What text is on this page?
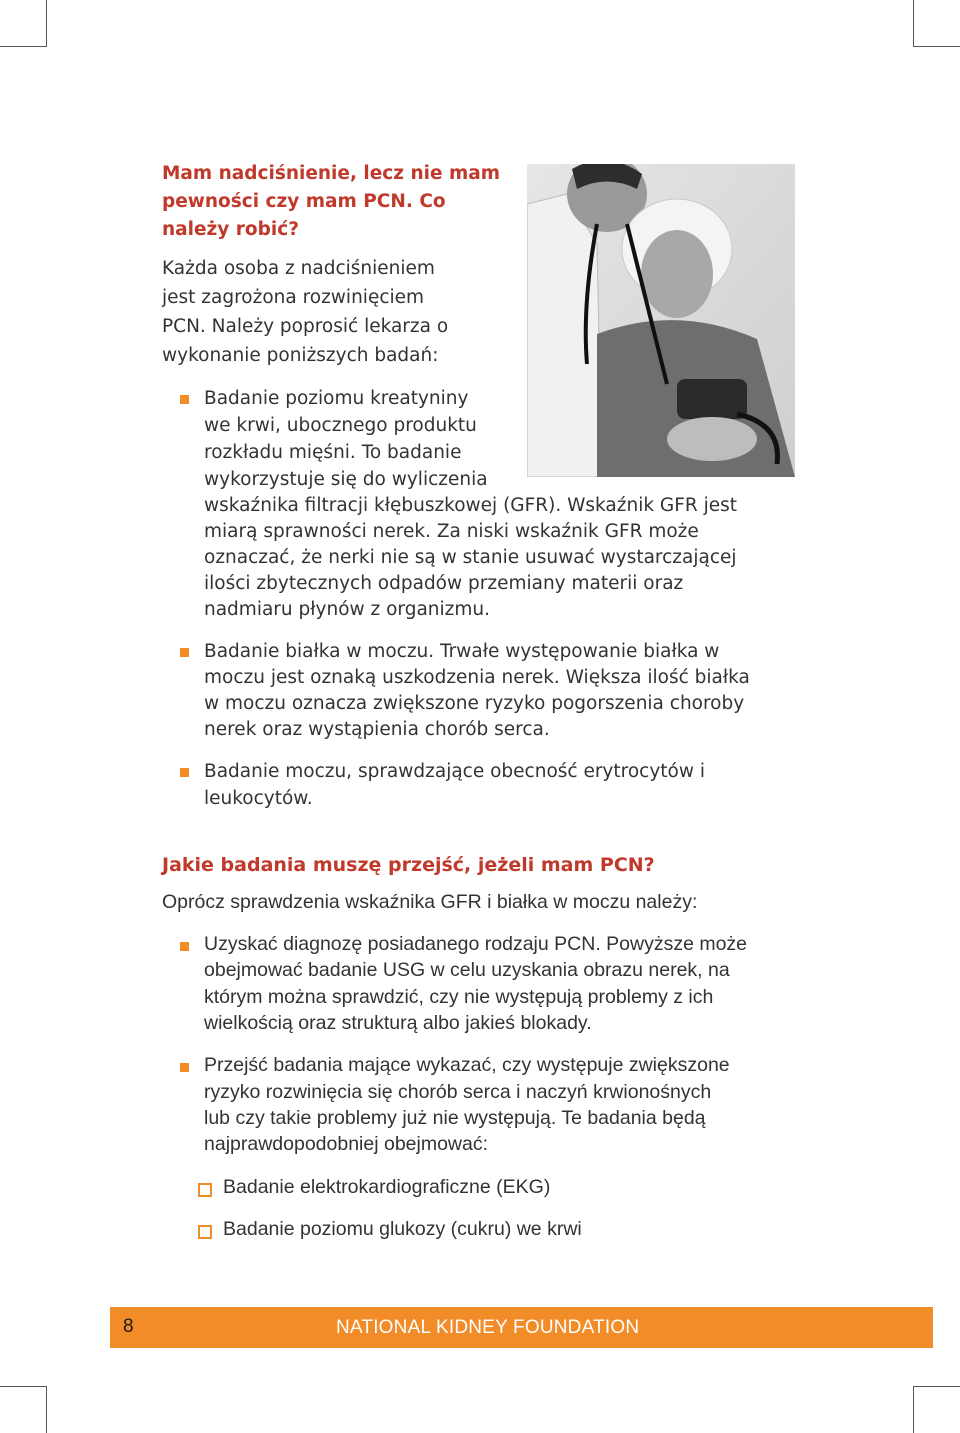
Mam nadciśnienie, lecz nie mam pewności czy mam PCN. Co należy robić?

Każda osoba z nadciśnieniem

jest zagrożona rozwinięciem

PCN. Należy poprosić lekarza o

wykonanie poniższych badań:

Badanie poziomu kreatyniny

we krwi, ubocznego produktu

rozkładu mięśni. To badanie

wykorzystuje się do wyliczenia

wskaźnika filtracji kłębuszkowej (GFR). Wskaźnik GFR jest

miarą sprawności nerek. Za niski wskaźnik GFR może

oznaczać, że nerki nie są w stanie usuwać wystarczającej

ilości zbytecznych odpadów przemiany materii oraz

nadmiaru płynów z organizmu.

Badanie białka w moczu. Trwałe występowanie białka w

moczu jest oznaką uszkodzenia nerek. Większa ilość białka

w moczu oznacza zwiększone ryzyko pogorszenia choroby

nerek oraz wystąpienia chorób serca.

Badanie moczu, sprawdzające obecność erytrocytów i

leukocytów.

Jakie badania muszę przejść, jeżeli mam PCN?

Oprócz sprawdzenia wskaźnika GFR i białka w moczu należy:

Uzyskać diagnozę posiadanego rodzaju PCN. Powyższe może

obejmować badanie USG w celu uzyskania obrazu nerek, na

którym można sprawdzić, czy nie występują problemy z ich

wielkością oraz strukturą albo jakieś blokady.

Przejść badania mające wykazać, czy występuje zwiększone

ryzyko rozwinięcia się chorób serca i naczyń krwionośnych

lub czy takie problemy już nie występują. Te badania będą

najprawdopodobniej obejmować:

Badanie elektrokardiograficzne (EKG)

Badanie poziomu glukozy (cukru) we krwi

8	NATIONAL KIDNEY FOUNDATION
